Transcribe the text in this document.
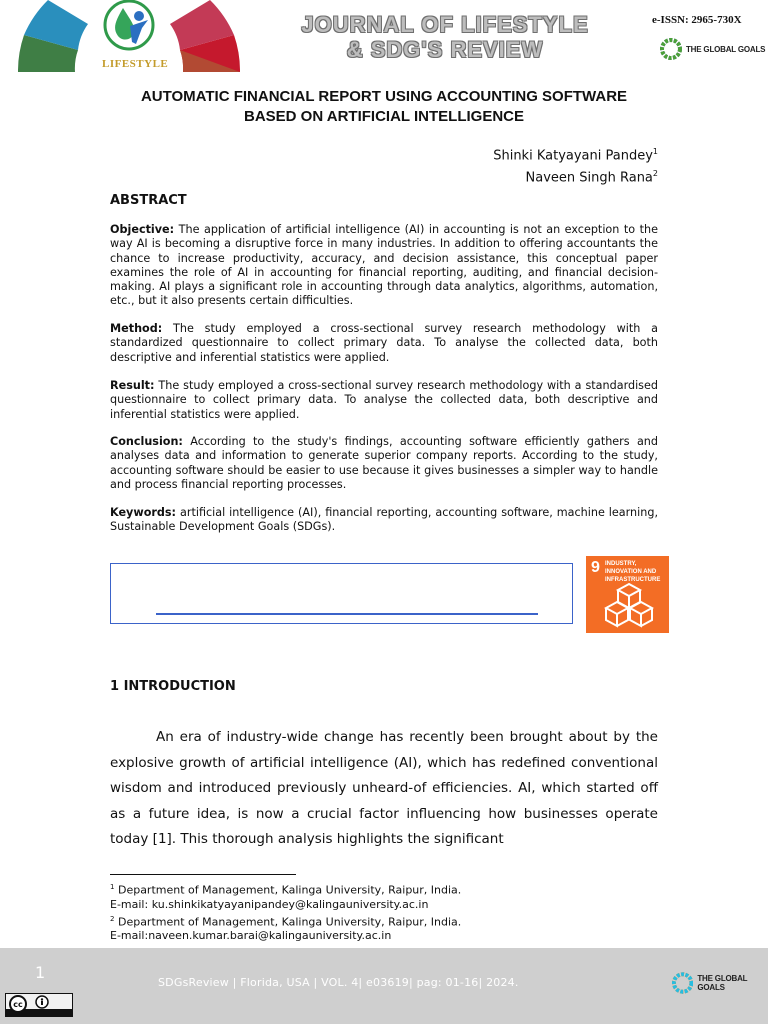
LIFESTYLE
JOURNAL OF LIFESTYLE
& SDG'S REVIEW
e-ISSN: 2965-730X
THE GLOBAL GOALS
AUTOMATIC FINANCIAL REPORT USING ACCOUNTING SOFTWARE
BASED ON ARTIFICIAL INTELLIGENCE
Shinki Katyayani Pandey$^1$
Naveen Singh Rana$^2$
ABSTRACT
Objective: The application of artificial intelligence (AI) in accounting is not an exception to the way AI is becoming a disruptive force in many industries. In addition to offering accountants the chance to increase productivity, accuracy, and decision assistance, this conceptual paper examines the role of AI in accounting for financial reporting, auditing, and financial decision-making. AI plays a significant role in accounting through data analytics, algorithms, automation, etc., but it also presents certain difficulties.
Method: The study employed a cross-sectional survey research methodology with a standardized questionnaire to collect primary data. To analyse the collected data, both descriptive and inferential statistics were applied.
Result: The study employed a cross-sectional survey research methodology with a standardised questionnaire to collect primary data. To analyse the collected data, both descriptive and inferential statistics were applied.
Conclusion: According to the study's findings, accounting software efficiently gathers and analyses data and information to generate superior company reports. According to the study, accounting software should be easier to use because it gives businesses a simpler way to handle and process financial reporting processes.
Keywords: artificial intelligence (AI), financial reporting, accounting software, machine learning, Sustainable Development Goals (SDGs).
9 INDUSTRY, INNOVATION AND INFRASTRUCTURE
1 INTRODUCTION

An era of industry-wide change has recently been brought about by the explosive growth of artificial intelligence (AI), which has redefined conventional wisdom and introduced previously unheard-of efficiencies. AI, which started off as a future idea, is now a crucial factor influencing how businesses operate today [1]. This thorough analysis highlights the significant

$^1$ Department of Management, Kalinga University, Raipur, India.
E-mail: ku.shinkikatyayanipandey@kalingauniversity.ac.in
$^2$ Department of Management, Kalinga University, Raipur, India.
E-mail:naveen.kumar.barai@kalingauniversity.ac.in
1
SDGsReview | Florida, USA | VOL. 4| e03619| pag: 01-16| 2024.
cc
THE GLOBAL GOALS
